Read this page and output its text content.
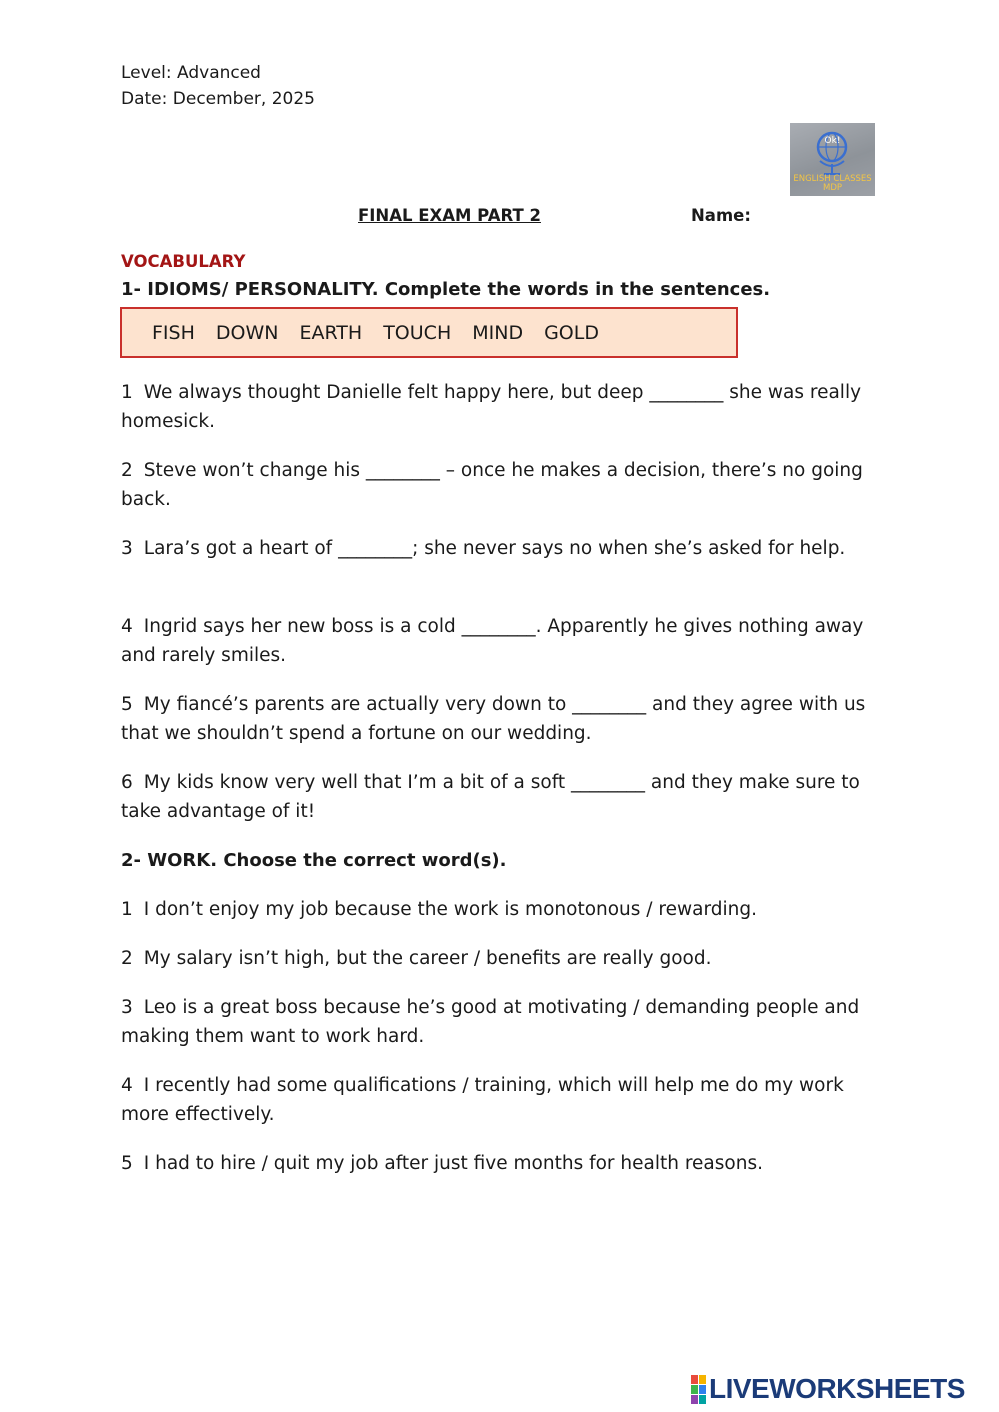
Level: Advanced
Date: December, 2025
Ok!
ENGLISH CLASSES
MDP
FINAL EXAM PART 2	Name:
VOCABULARY
1- IDIOMS/ PERSONALITY. Complete the words in the sentences.
FISH DOWN EARTH TOUCH MIND GOLD
1 We always thought Danielle felt happy here, but deep ________ she was really homesick.
2 Steve won’t change his ________ – once he makes a decision, there’s no going back.
3 Lara’s got a heart of ________; she never says no when she’s asked for help.
4 Ingrid says her new boss is a cold ________. Apparently he gives nothing away and rarely smiles.
5 My fiancé’s parents are actually very down to ________ and they agree with us that we shouldn’t spend a fortune on our wedding.
6 My kids know very well that I’m a bit of a soft ________ and they make sure to take advantage of it!
2- WORK. Choose the correct word(s).
1 I don’t enjoy my job because the work is monotonous / rewarding.
2 My salary isn’t high, but the career / benefits are really good.
3 Leo is a great boss because he’s good at motivating / demanding people and making them want to work hard.
4 I recently had some qualifications / training, which will help me do my work more effectively.
5 I had to hire / quit my job after just five months for health reasons.
LIVEWORKSHEETS
